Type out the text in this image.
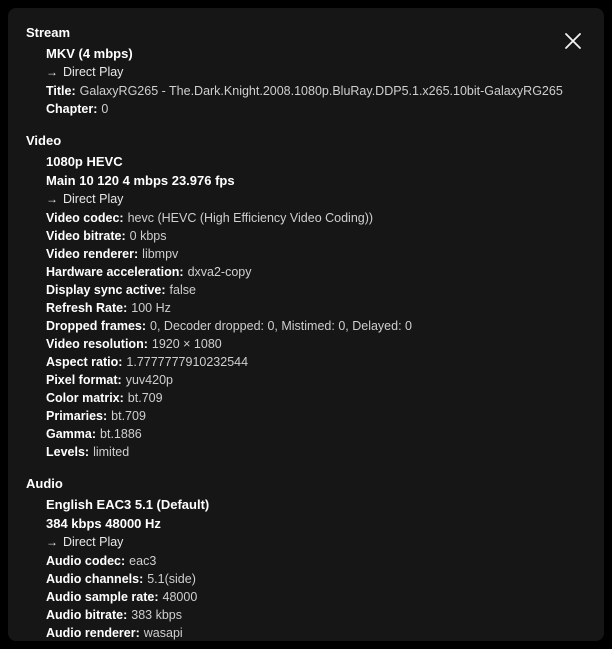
Stream
MKV (4 mbps)
→ Direct Play
Title: GalaxyRG265 - The.Dark.Knight.2008.1080p.BluRay.DDP5.1.x265.10bit-GalaxyRG265
Chapter: 0
Video
1080p HEVC
Main 10 120 4 mbps 23.976 fps
→ Direct Play
Video codec: hevc (HEVC (High Efficiency Video Coding))
Video bitrate: 0 kbps
Video renderer: libmpv
Hardware acceleration: dxva2-copy
Display sync active: false
Refresh Rate: 100 Hz
Dropped frames: 0, Decoder dropped: 0, Mistimed: 0, Delayed: 0
Video resolution: 1920 × 1080
Aspect ratio: 1.7777777910232544
Pixel format: yuv420p
Color matrix: bt.709
Primaries: bt.709
Gamma: bt.1886
Levels: limited
Audio
English EAC3 5.1 (Default)
384 kbps 48000 Hz
→ Direct Play
Audio codec: eac3
Audio channels: 5.1(side)
Audio sample rate: 48000
Audio bitrate: 383 kbps
Audio renderer: wasapi
